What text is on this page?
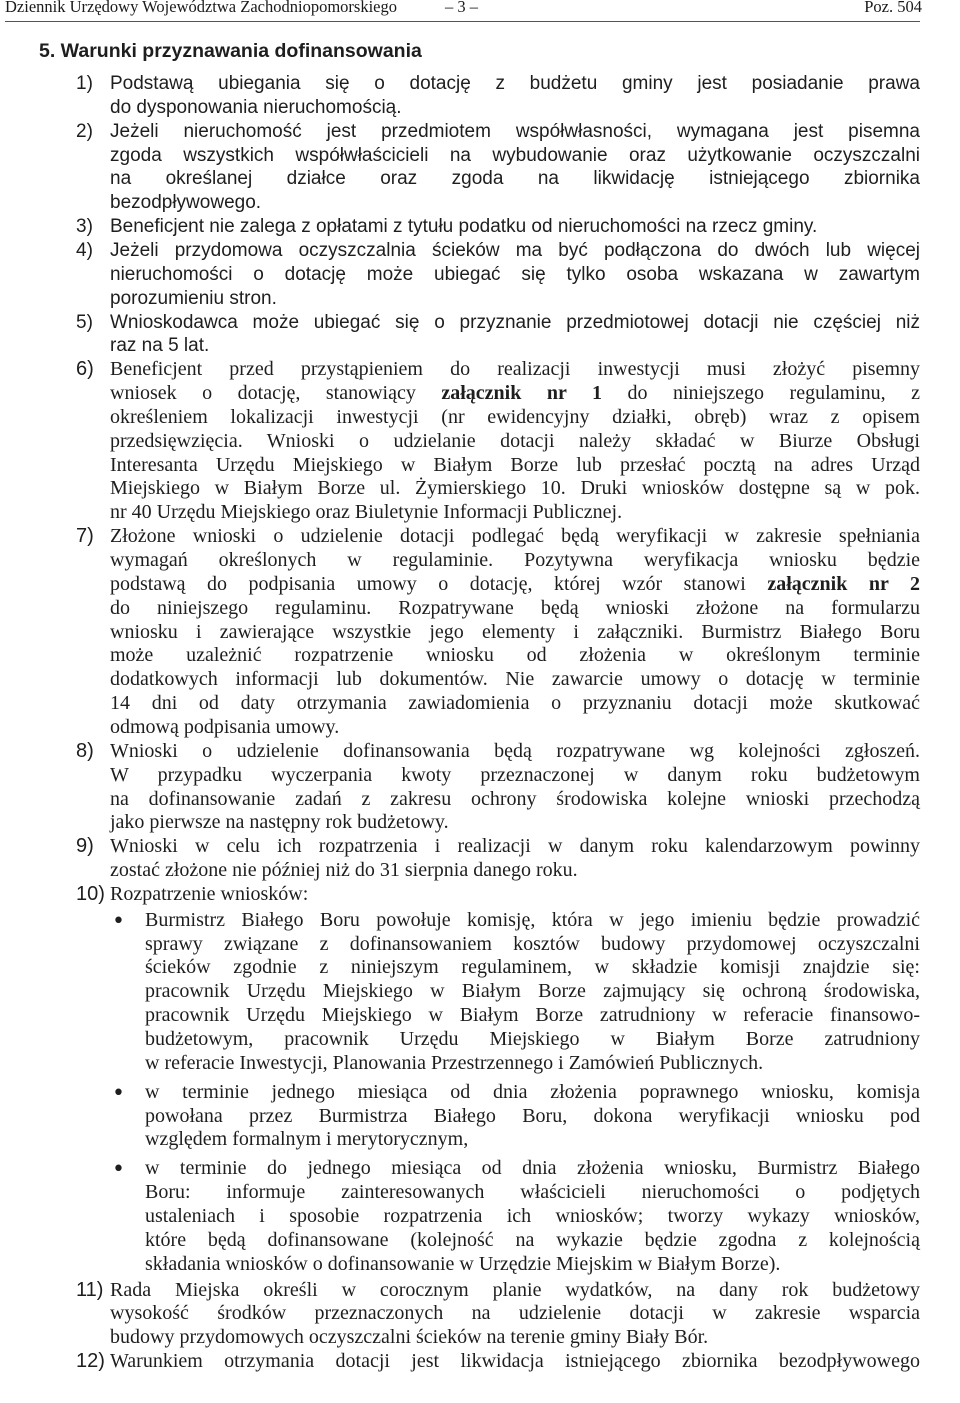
Dziennik Urzędowy Województwa Zachodniopomorskiego	– 3 –	Poz. 504
5. Warunki przyznawania dofinansowania
1) Podstawą ubiegania się o dotację z budżetu gminy jest posiadanie prawa
do dysponowania nieruchomością.
2) Jeżeli nieruchomość jest przedmiotem współwłasności, wymagana jest pisemna
zgoda wszystkich współwłaścicieli na wybudowanie oraz użytkowanie oczyszczalni
na określanej działce oraz zgoda na likwidację istniejącego zbiornika
bezodpływowego.
3) Beneficjent nie zalega z opłatami z tytułu podatku od nieruchomości na rzecz gminy.
4) Jeżeli przydomowa oczyszczalnia ścieków ma być podłączona do dwóch lub więcej
nieruchomości o dotację może ubiegać się tylko osoba wskazana w zawartym
porozumieniu stron.
5) Wnioskodawca może ubiegać się o przyznanie przedmiotowej dotacji nie częściej niż
raz na 5 lat.
6) Beneficjent przed przystąpieniem do realizacji inwestycji musi złożyć pisemny
wniosek o dotację, stanowiący załącznik nr 1 do niniejszego regulaminu, z
określeniem lokalizacji inwestycji (nr ewidencyjny działki, obręb) wraz z opisem
przedsięwzięcia. Wnioski o udzielanie dotacji należy składać w Biurze Obsługi
Interesanta Urzędu Miejskiego w Białym Borze lub przesłać pocztą na adres Urząd
Miejskiego w Białym Borze ul. Żymierskiego 10. Druki wniosków dostępne są w pok.
nr 40 Urzędu Miejskiego oraz Biuletynie Informacji Publicznej.
7) Złożone wnioski o udzielenie dotacji podlegać będą weryfikacji w zakresie spełniania
wymagań określonych w regulaminie. Pozytywna weryfikacja wniosku będzie
podstawą do podpisania umowy o dotację, której wzór stanowi załącznik nr 2
do niniejszego regulaminu. Rozpatrywane będą wnioski złożone na formularzu
wniosku i zawierające wszystkie jego elementy i załączniki. Burmistrz Białego Boru
może uzależnić rozpatrzenie wniosku od złożenia w określonym terminie
dodatkowych informacji lub dokumentów. Nie zawarcie umowy o dotację w terminie
14 dni od daty otrzymania zawiadomienia o przyznaniu dotacji może skutkować
odmową podpisania umowy.
8) Wnioski o udzielenie dofinansowania będą rozpatrywane wg kolejności zgłoszeń.
W przypadku wyczerpania kwoty przeznaczonej w danym roku budżetowym
na dofinansowanie zadań z zakresu ochrony środowiska kolejne wnioski przechodzą
jako pierwsze na następny rok budżetowy.
9) Wnioski w celu ich rozpatrzenia i realizacji w danym roku kalendarzowym powinny
zostać złożone nie później niż do 31 sierpnia danego roku.
10) Rozpatrzenie wniosków:
•
Burmistrz Białego Boru powołuje komisję, która w jego imieniu będzie prowadzić
sprawy związane z dofinansowaniem kosztów budowy przydomowej oczyszczalni
ścieków zgodnie z niniejszym regulaminem, w składzie komisji znajdzie się:
pracownik Urzędu Miejskiego w Białym Borze zajmujący się ochroną środowiska,
pracownik Urzędu Miejskiego w Białym Borze zatrudniony w referacie finansowo-
budżetowym, pracownik Urzędu Miejskiego w Białym Borze zatrudniony
w referacie Inwestycji, Planowania Przestrzennego i Zamówień Publicznych.
•
w terminie jednego miesiąca od dnia złożenia poprawnego wniosku, komisja
powołana przez Burmistrza Białego Boru, dokona weryfikacji wniosku pod
względem formalnym i merytorycznym,
•
w terminie do jednego miesiąca od dnia złożenia wniosku, Burmistrz Białego
Boru: informuje zainteresowanych właścicieli nieruchomości o podjętych
ustaleniach i sposobie rozpatrzenia ich wniosków; tworzy wykazy wniosków,
które będą dofinansowane (kolejność na wykazie będzie zgodna z kolejnością
składania wniosków o dofinansowanie w Urzędzie Miejskim w Białym Borze).
11) Rada Miejska określi w corocznym planie wydatków, na dany rok budżetowy
wysokość środków przeznaczonych na udzielenie dotacji w zakresie wsparcia
budowy przydomowych oczyszczalni ścieków na terenie gminy Biały Bór.
12) Warunkiem otrzymania dotacji jest likwidacja istniejącego zbiornika bezodpływowego
